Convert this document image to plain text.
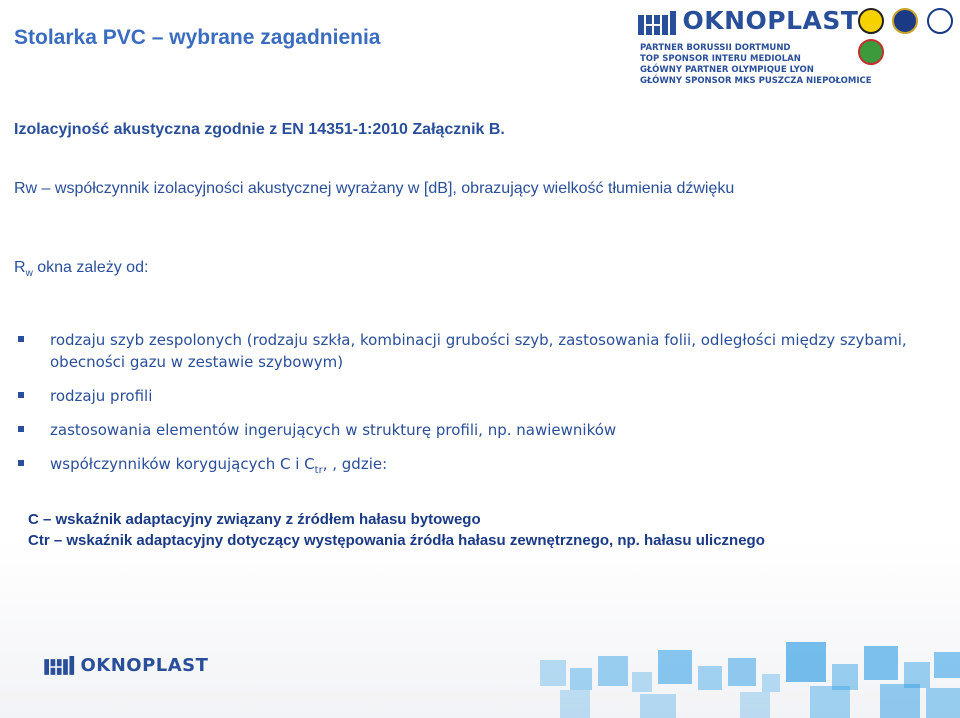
Stolarka PVC – wybrane zagadnienia
OKNOPLAST
PARTNER BORUSSII DORTMUND
TOP SPONSOR INTERU MEDIOLAN

GŁÓWNY PARTNER OLYMPIQUE LYON
GŁÓWNY SPONSOR MKS PUSZCZA NIEPOŁOMICE

Izolacyjność akustyczna zgodnie z EN 14351-1:2010 Załącznik B.
Rw – współczynnik izolacyjności akustycznej wyrażany w [dB], obrazujący wielkość tłumienia dźwięku
$R_w$ okna zależy od:
rodzaju szyb zespolonych (rodzaju szkła, kombinacji grubości szyb, zastosowania folii, odległości między szybami, obecności gazu w zestawie szybowym)
rodzaju profili
zastosowania elementów ingerujących w strukturę profili, np. nawiewników
współczynników korygujących C i $C_{tr}$, , gdzie:
C – wskaźnik adaptacyjny związany z źródłem hałasu bytowego
Ctr – wskaźnik adaptacyjny dotyczący występowania źródła hałasu zewnętrznego, np. hałasu ulicznego
OKNOPLAST
